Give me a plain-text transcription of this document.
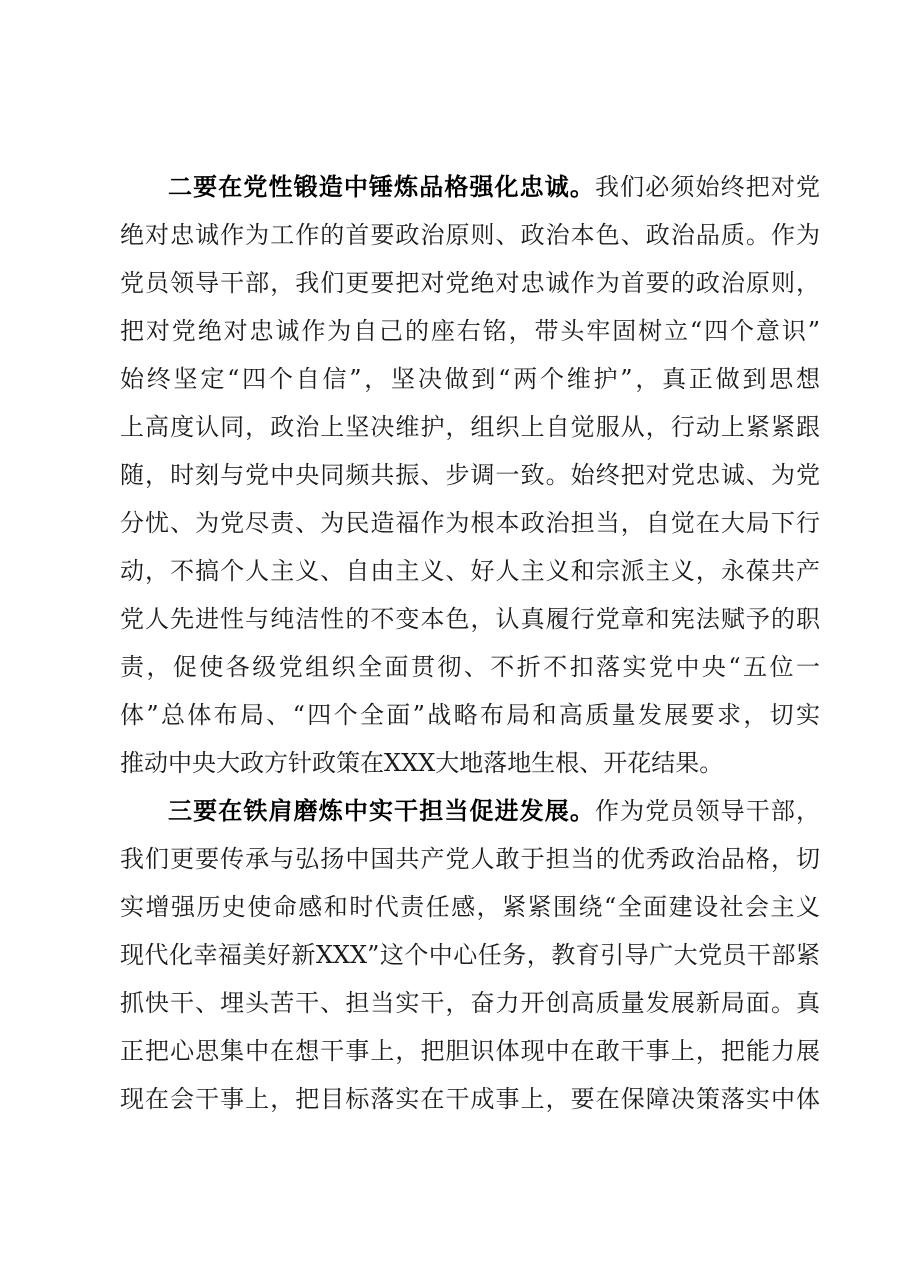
二要在党性锻造中锤炼品格强化忠诚。我们必须始终把对党
绝对忠诚作为工作的首要政治原则、政治本色、政治品质。作为
党员领导干部，我们更要把对党绝对忠诚作为首要的政治原则，
把对党绝对忠诚作为自己的座右铭，带头牢固树立“四个意识”
始终坚定“四个自信”，坚决做到“两个维护”，真正做到思想
上高度认同，政治上坚决维护，组织上自觉服从，行动上紧紧跟
随，时刻与党中央同频共振、步调一致。始终把对党忠诚、为党
分忧、为党尽责、为民造福作为根本政治担当，自觉在大局下行
动，不搞个人主义、自由主义、好人主义和宗派主义，永葆共产
党人先进性与纯洁性的不变本色，认真履行党章和宪法赋予的职
责，促使各级党组织全面贯彻、不折不扣落实党中央“五位一
体”总体布局、“四个全面”战略布局和高质量发展要求，切实
推动中央大政方针政策在XXX大地落地生根、开花结果。
三要在铁肩磨炼中实干担当促进发展。作为党员领导干部，
我们更要传承与弘扬中国共产党人敢于担当的优秀政治品格，切
实增强历史使命感和时代责任感，紧紧围绕“全面建设社会主义
现代化幸福美好新XXX”这个中心任务，教育引导广大党员干部紧
抓快干、埋头苦干、担当实干，奋力开创高质量发展新局面。真
正把心思集中在想干事上，把胆识体现中在敢干事上，把能力展
现在会干事上，把目标落实在干成事上，要在保障决策落实中体
